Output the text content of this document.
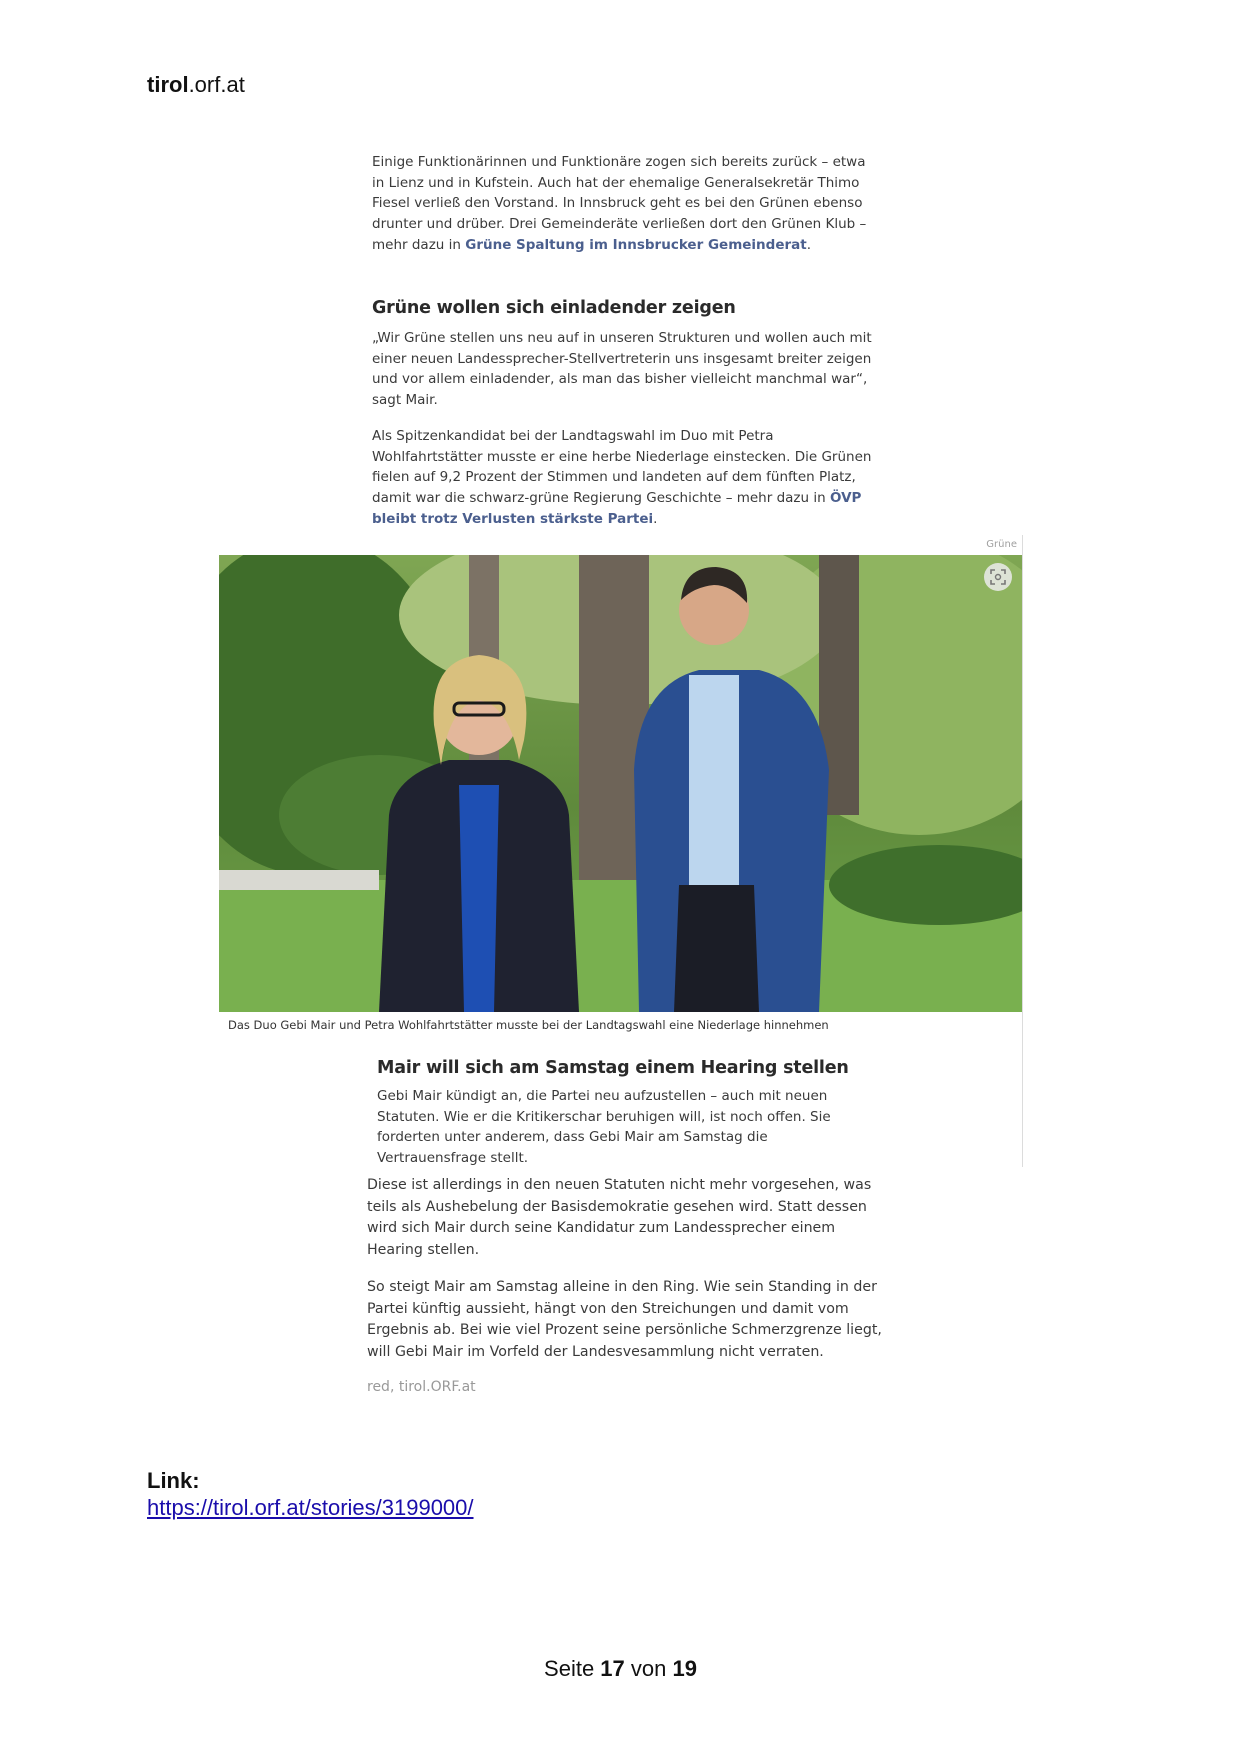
tirol.orf.at

Einige Funktionärinnen und Funktionäre zogen sich bereits zurück – etwa in Lienz und in Kufstein. Auch hat der ehemalige Generalsekretär Thimo Fiesel verließ den Vorstand. In Innsbruck geht es bei den Grünen ebenso drunter und drüber. Drei Gemeinderäte verließen dort den Grünen Klub – mehr dazu in Grüne Spaltung im Innsbrucker Gemeinderat.

Grüne wollen sich einladender zeigen

„Wir Grüne stellen uns neu auf in unseren Strukturen und wollen auch mit einer neuen Landessprecher-Stellvertreterin uns insgesamt breiter zeigen und vor allem einladender, als man das bisher vielleicht manchmal war“, sagt Mair.

Als Spitzenkandidat bei der Landtagswahl im Duo mit Petra Wohlfahrtstätter musste er eine herbe Niederlage einstecken. Die Grünen fielen auf 9,2 Prozent der Stimmen und landeten auf dem fünften Platz, damit war die schwarz-grüne Regierung Geschichte – mehr dazu in ÖVP bleibt trotz Verlusten stärkste Partei.

Grüne
Das Duo Gebi Mair und Petra Wohlfahrtstätter musste bei der Landtagswahl eine Niederlage hinnehmen
Mair will sich am Samstag einem Hearing stellen
Gebi Mair kündigt an, die Partei neu aufzustellen – auch mit neuen Statuten. Wie er die Kritikerschar beruhigen will, ist noch offen. Sie forderten unter anderem, dass Gebi Mair am Samstag die Vertrauensfrage stellt.
Diese ist allerdings in den neuen Statuten nicht mehr vorgesehen, was teils als Aushebelung der Basisdemokratie gesehen wird. Statt dessen wird sich Mair durch seine Kandidatur zum Landessprecher einem Hearing stellen.
So steigt Mair am Samstag alleine in den Ring. Wie sein Standing in der Partei künftig aussieht, hängt von den Streichungen und damit vom Ergebnis ab. Bei wie viel Prozent seine persönliche Schmerzgrenze liegt, will Gebi Mair im Vorfeld der Landesvesammlung nicht verraten.
red, tirol.ORF.at
Link:
https://tirol.orf.at/stories/3199000/
Seite 17 von 19
